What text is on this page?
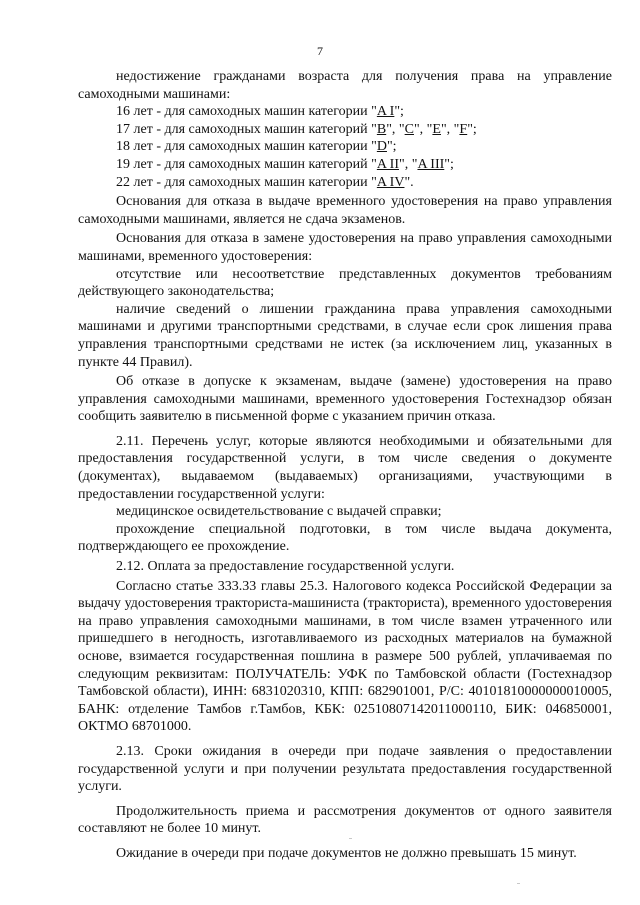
7

недостижение гражданами возраста для получения права на управление самоходными машинами:

16 лет - для самоходных машин категории "A I";

17 лет - для самоходных машин категорий "B", "C", "E", "F";

18 лет - для самоходных машин категории "D";

19 лет - для самоходных машин категорий "A II", "A III";

22 лет - для самоходных машин категории "A IV".

Основания для отказа в выдаче временного удостоверения на право управления самоходными машинами, является не сдача экзаменов.

Основания для отказа в замене удостоверения на право управления самоходными машинами, временного удостоверения:

отсутствие или несоответствие представленных документов требованиям действующего законодательства;

наличие сведений о лишении гражданина права управления самоходными машинами и другими транспортными средствами, в случае если срок лишения права управления транспортными средствами не истек (за исключением лиц, указанных в пункте 44 Правил).

Об отказе в допуске к экзаменам, выдаче (замене) удостоверения на право управления самоходными машинами, временного удостоверения Гостехнадзор обязан сообщить заявителю в письменной форме с указанием причин отказа.

2.11. Перечень услуг, которые являются необходимыми и обязательными для предоставления государственной услуги, в том числе сведения о документе (документах), выдаваемом (выдаваемых) организациями, участвующими в предоставлении государственной услуги:

медицинское освидетельствование с выдачей справки;

прохождение специальной подготовки, в том числе выдача документа, подтверждающего ее прохождение.

2.12. Оплата за предоставление государственной услуги.

Согласно статье 333.33 главы 25.3. Налогового кодекса Российской Федерации за выдачу удостоверения тракториста-машиниста (тракториста), временного удостоверения на право управления самоходными машинами, в том числе взамен утраченного или пришедшего в негодность, изготавливаемого из расходных материалов на бумажной основе, взимается государственная пошлина в размере 500 рублей, уплачиваемая по следующим реквизитам: ПОЛУЧАТЕЛЬ: УФК по Тамбовской области (Гостехнадзор Тамбовской области), ИНН: 6831020310, КПП: 682901001, Р/С: 40101810000000010005, БАНК: отделение Тамбов г.Тамбов, КБК: 02510807142011000110, БИК: 046850001, ОКТМО 68701000.

2.13. Сроки ожидания в очереди при подаче заявления о предоставлении государственной услуги и при получении результата предоставления государственной услуги.

Продолжительность приема и рассмотрения документов от одного заявителя составляют не более 10 минут.

Ожидание в очереди при подаче документов не должно превышать 15 минут.
